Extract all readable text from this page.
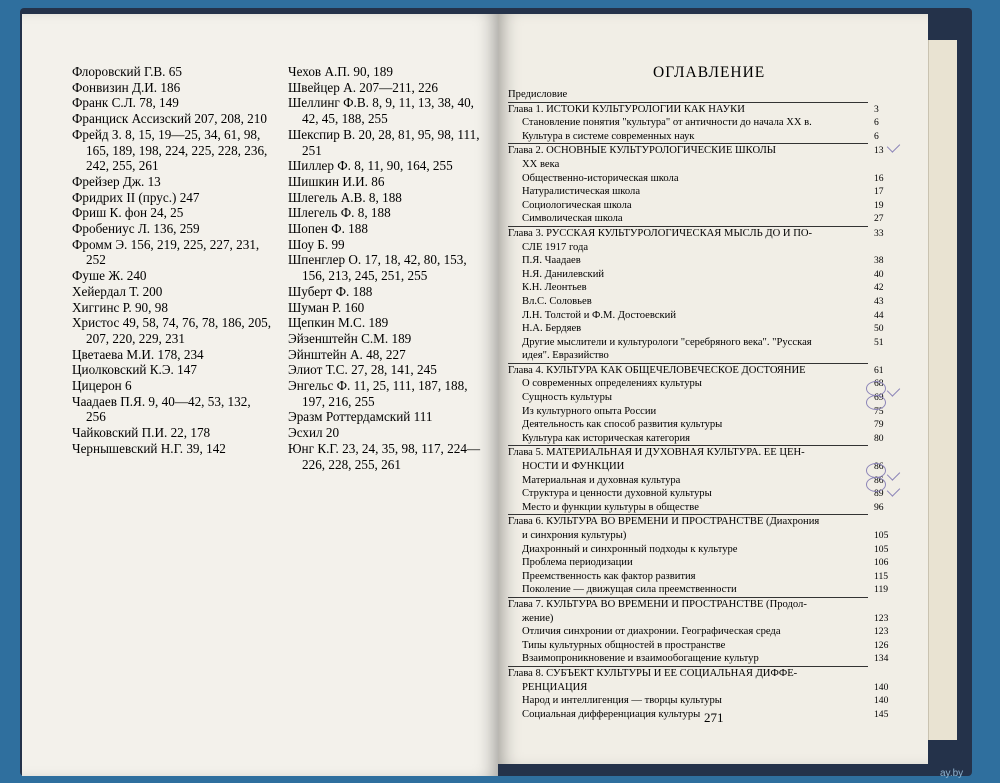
Флоровский Г.В. 65
Фонвизин Д.И. 186
Франк С.Л. 78, 149
Франциск Ассизский 207, 208, 210
Фрейд З. 8, 15, 19—25, 34, 61, 98, 165, 189, 198, 224, 225, 228, 236, 242, 255, 261
Фрейзер Дж. 13
Фридрих II (прус.) 247
Фриш К. фон 24, 25
Фробениус Л. 136, 259
Фромм Э. 156, 219, 225, 227, 231, 252
Фуше Ж. 240
Хейердал Т. 200
Хиггинс Р. 90, 98
Христос 49, 58, 74, 76, 78, 186, 205, 207, 220, 229, 231
Цветаева М.И. 178, 234
Циолковский К.Э. 147
Цицерон 6
Чаадаев П.Я. 9, 40—42, 53, 132, 256
Чайковский П.И. 22, 178
Чернышевский Н.Г. 39, 142
Чехов А.П. 90, 189
Швейцер А. 207—211, 226
Шеллинг Ф.В. 8, 9, 11, 13, 38, 40, 42, 45, 188, 255
Шекспир В. 20, 28, 81, 95, 98, 111, 251
Шиллер Ф. 8, 11, 90, 164, 255
Шишкин И.И. 86
Шлегель А.В. 8, 188
Шлегель Ф. 8, 188
Шопен Ф. 188
Шоу Б. 99
Шпенглер О. 17, 18, 42, 80, 153, 156, 213, 245, 251, 255
Шуберт Ф. 188
Шуман Р. 160
Щепкин М.С. 189
Эйзенштейн С.М. 189
Эйнштейн А. 48, 227
Элиот Т.С. 27, 28, 141, 245
Энгельс Ф. 11, 25, 111, 187, 188, 197, 216, 255
Эразм Роттердамский 111
Эсхил 20
Юнг К.Г. 23, 24, 35, 98, 117, 224—226, 228, 255, 261
ОГЛАВЛЕНИЕ
Предисловие
Глава 1. ИСТОКИ КУЛЬТУРОЛОГИИ КАК НАУКИ	3
Становление понятия "культура" от античности до начала XX в.	6
Культура в системе современных наук	6
Глава 2. ОСНОВНЫЕ КУЛЬТУРОЛОГИЧЕСКИЕ ШКОЛЫ	13
XX века
Общественно-историческая школа	16
Натуралистическая школа	17
Социологическая школа	19
Символическая школа	27
Глава 3. РУССКАЯ КУЛЬТУРОЛОГИЧЕСКАЯ МЫСЛЬ ДО И ПО-	33
СЛЕ 1917 года
П.Я. Чаадаев	38
Н.Я. Данилевский	40
К.Н. Леонтьев	42
Вл.С. Соловьев	43
Л.Н. Толстой и Ф.М. Достоевский	44
Н.А. Бердяев	50
Другие мыслители и культурологи "серебряного века". "Русская	51
идея". Евразийство
Глава 4. КУЛЬТУРА КАК ОБЩЕЧЕЛОВЕЧЕСКОЕ ДОСТОЯНИЕ	61
О современных определениях культуры	68
Сущность культуры	69
Из культурного опыта России	75
Деятельность как способ развития культуры	79
Культура как историческая категория	80
Глава 5. МАТЕРИАЛЬНАЯ И ДУХОВНАЯ КУЛЬТУРА. ЕЕ ЦЕН-
НОСТИ И ФУНКЦИИ	86
Материальная и духовная культура	86
Структура и ценности духовной культуры	89
Место и функции культуры в обществе	96
Глава 6. КУЛЬТУРА ВО ВРЕМЕНИ И ПРОСТРАНСТВЕ (Диахрония
и синхрония культуры)	105
Диахронный и синхронный подходы к культуре	105
Проблема периодизации	106
Преемственность как фактор развития	115
Поколение — движущая сила преемственности	119
Глава 7. КУЛЬТУРА ВО ВРЕМЕНИ И ПРОСТРАНСТВЕ (Продол-
жение)	123
Отличия синхронии от диахронии. Географическая среда	123
Типы культурных общностей в пространстве	126
Взаимопроникновение и взаимообогащение культур	134
Глава 8. СУБЪЕКТ КУЛЬТУРЫ И ЕЕ СОЦИАЛЬНАЯ ДИФФЕ-
РЕНЦИАЦИЯ	140
Народ и интеллигенция — творцы культуры	140
Социальная дифференциация культуры	145
271
ay.by
